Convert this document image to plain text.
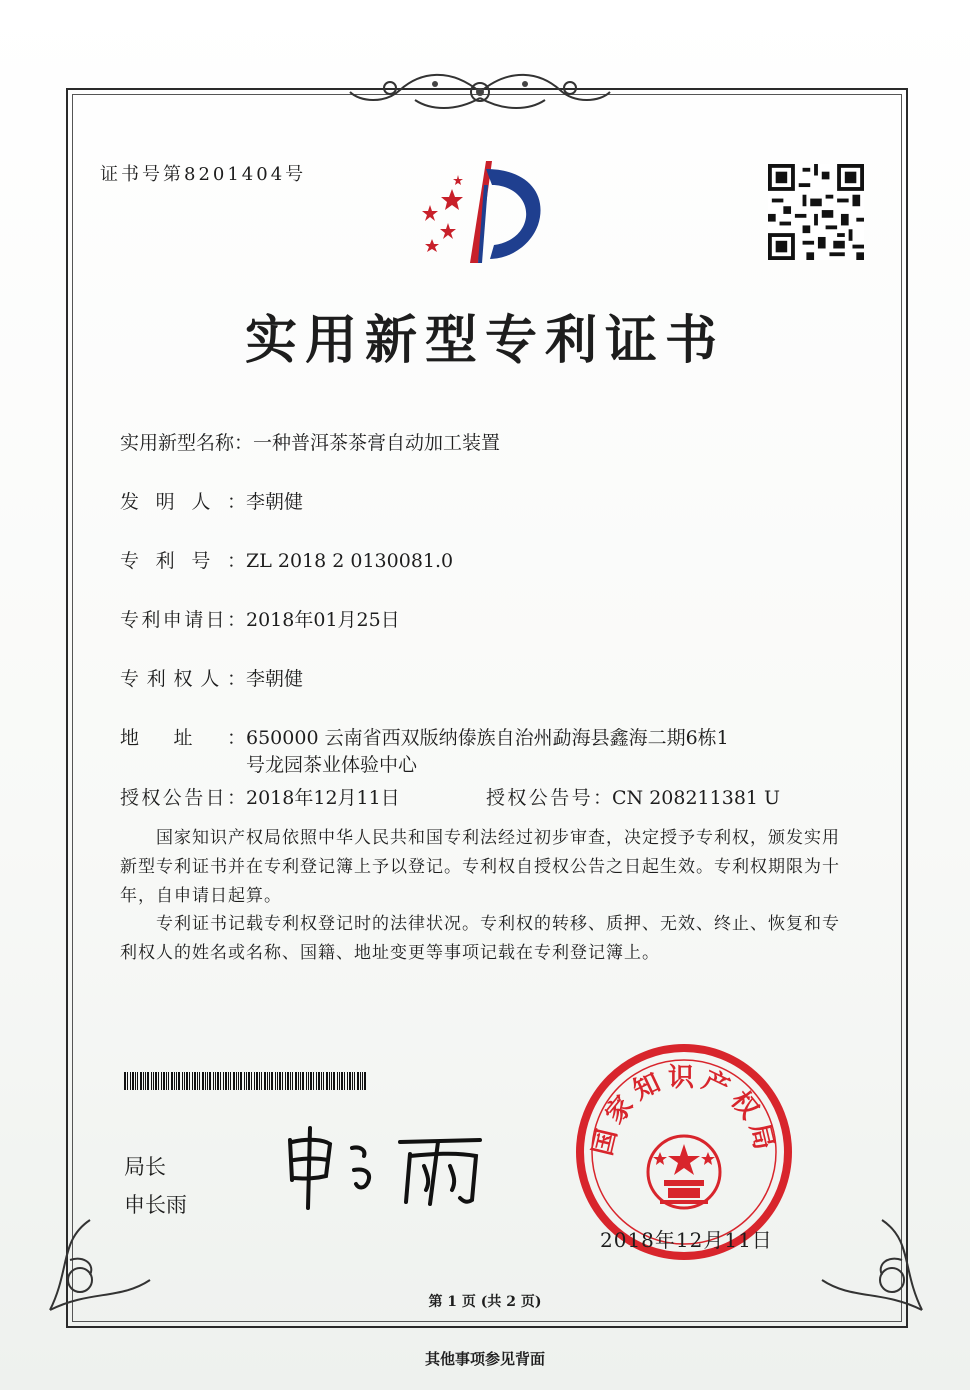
证书号第8201404号
实用新型专利证书
实用新型名称：一种普洱茶茶膏自动加工装置
发明人：李朝健
专利号：ZL 2018 2 0130081.0
专利申请日：2018年01月25日
专利权人：李朝健
地址：650000 云南省西双版纳傣族自治州勐海县鑫海二期6栋1
号龙园茶业体验中心
授权公告日：2018年12月11日	授权公告号：CN 208211381 U
国家知识产权局依照中华人民共和国专利法经过初步审查，决定授予专利权，颁发实用新型专利证书并在专利登记簿上予以登记。专利权自授权公告之日起生效。专利权期限为十年，自申请日起算。
专利证书记载专利权登记时的法律状况。专利权的转移、质押、无效、终止、恢复和专利权人的姓名或名称、国籍、地址变更等事项记载在专利登记簿上。
局长
申长雨
国家知识产权局
2018年12月11日
第 1 页 (共 2 页)
其他事项参见背面
